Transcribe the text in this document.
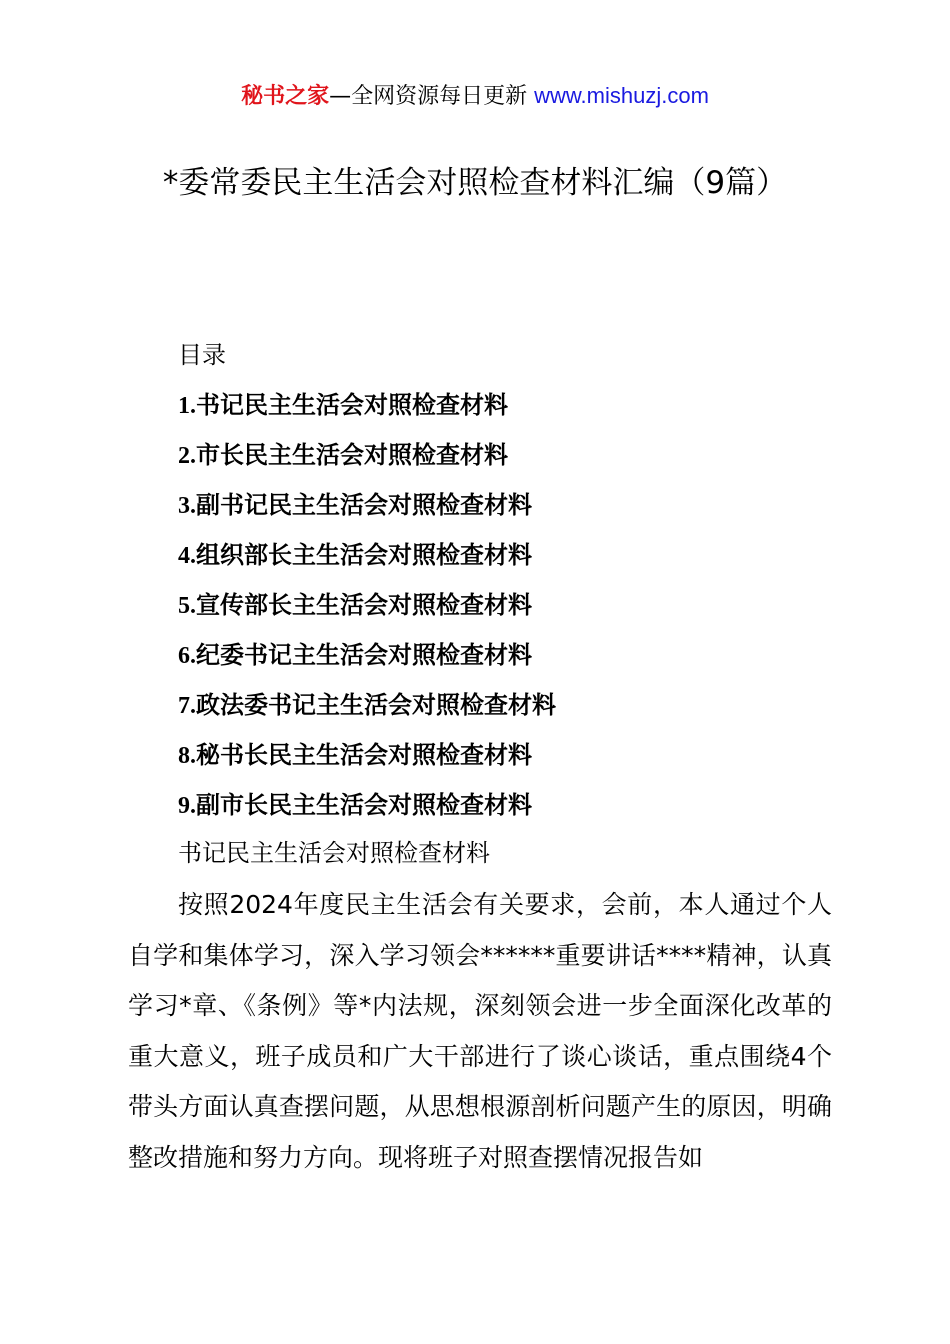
秘书之家—全网资源每日更新 www.mishuzj.com
*委常委民主生活会对照检查材料汇编（9篇）
目录
1.书记民主生活会对照检查材料
2.市长民主生活会对照检查材料
3.副书记民主生活会对照检查材料
4.组织部长主生活会对照检查材料
5.宣传部长主生活会对照检查材料
6.纪委书记主生活会对照检查材料
7.政法委书记主生活会对照检查材料
8.秘书长民主生活会对照检查材料
9.副市长民主生活会对照检查材料
书记民主生活会对照检查材料

按照2024年度民主生活会有关要求，会前，本人通过个人自学和集体学习，深入学习领会******重要讲话****精神，认真学习*章、《条例》等*内法规，深刻领会进一步全面深化改革的重大意义，班子成员和广大干部进行了谈心谈话，重点围绕4个带头方面认真查摆问题，从思想根源剖析问题产生的原因，明确整改措施和努力方向。现将班子对照查摆情况报告如
